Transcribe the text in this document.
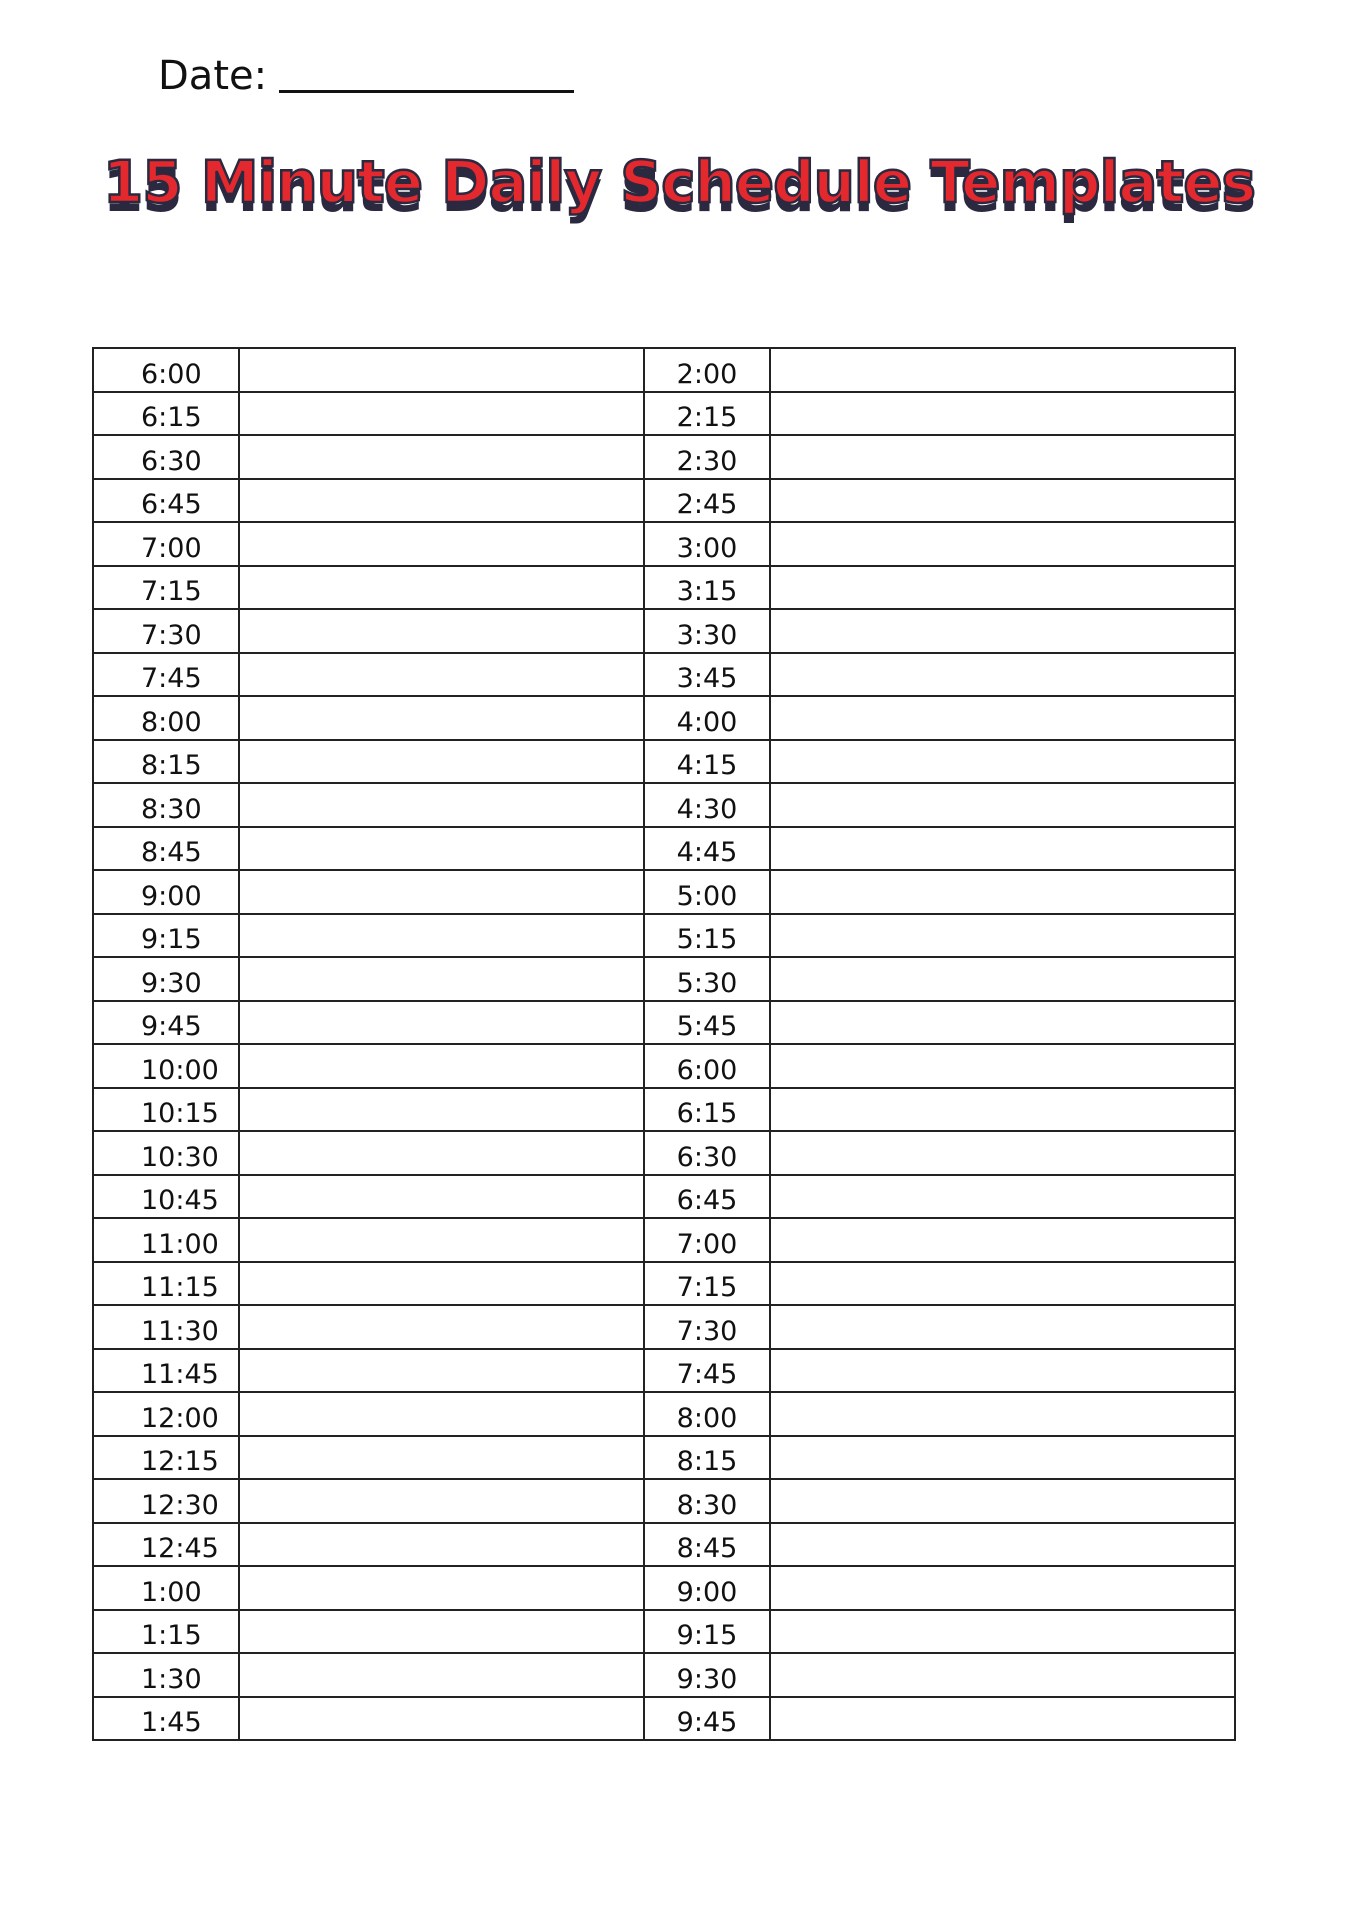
Date:
15 Minute Daily Schedule Templates
6:00		2:00	
6:15		2:15	
6:30		2:30	
6:45		2:45	
7:00		3:00	
7:15		3:15	
7:30		3:30	
7:45		3:45	
8:00		4:00	
8:15		4:15	
8:30		4:30	
8:45		4:45	
9:00		5:00	
9:15		5:15	
9:30		5:30	
9:45		5:45	
10:00		6:00	
10:15		6:15	
10:30		6:30	
10:45		6:45	
11:00		7:00	
11:15		7:15	
11:30		7:30	
11:45		7:45	
12:00		8:00	
12:15		8:15	
12:30		8:30	
12:45		8:45	
1:00		9:00	
1:15		9:15	
1:30		9:30	
1:45		9:45	
